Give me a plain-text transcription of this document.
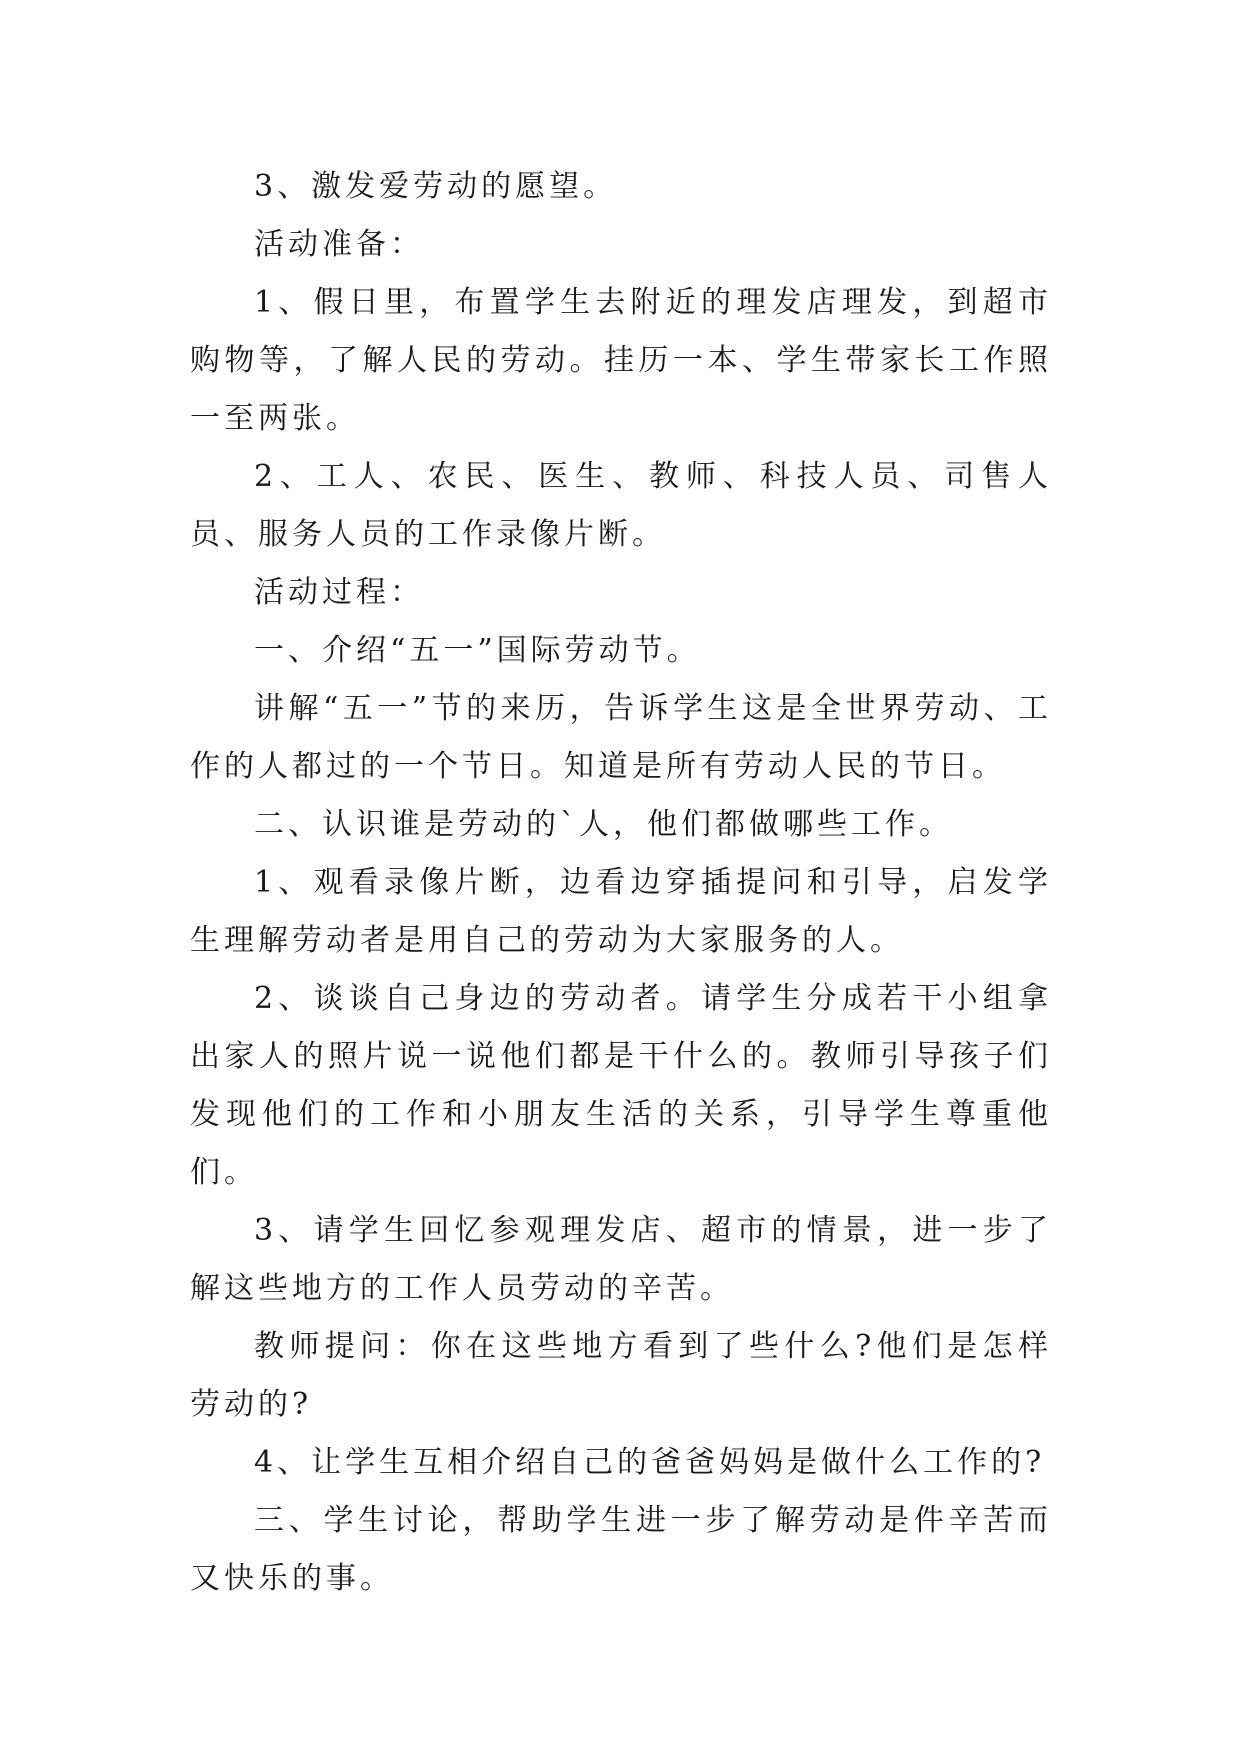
3、激发爱劳动的愿望。

活动准备：

1、假日里，布置学生去附近的理发店理发，到超市购物等，了解人民的劳动。挂历一本、学生带家长工作照一至两张。

2、工人、农民、医生、教师、科技人员、司售人员、服务人员的工作录像片断。

活动过程：

一、介绍“五一”国际劳动节。

讲解“五一”节的来历，告诉学生这是全世界劳动、工作的人都过的一个节日。知道是所有劳动人民的节日。

二、认识谁是劳动的`人，他们都做哪些工作。

1、观看录像片断，边看边穿插提问和引导，启发学生理解劳动者是用自己的劳动为大家服务的人。

2、谈谈自己身边的劳动者。请学生分成若干小组拿出家人的照片说一说他们都是干什么的。教师引导孩子们发现他们的工作和小朋友生活的关系，引导学生尊重他们。

3、请学生回忆参观理发店、超市的情景，进一步了解这些地方的工作人员劳动的辛苦。

教师提问：你在这些地方看到了些什么?他们是怎样劳动的?

4、让学生互相介绍自己的爸爸妈妈是做什么工作的?

三、学生讨论，帮助学生进一步了解劳动是件辛苦而又快乐的事。
